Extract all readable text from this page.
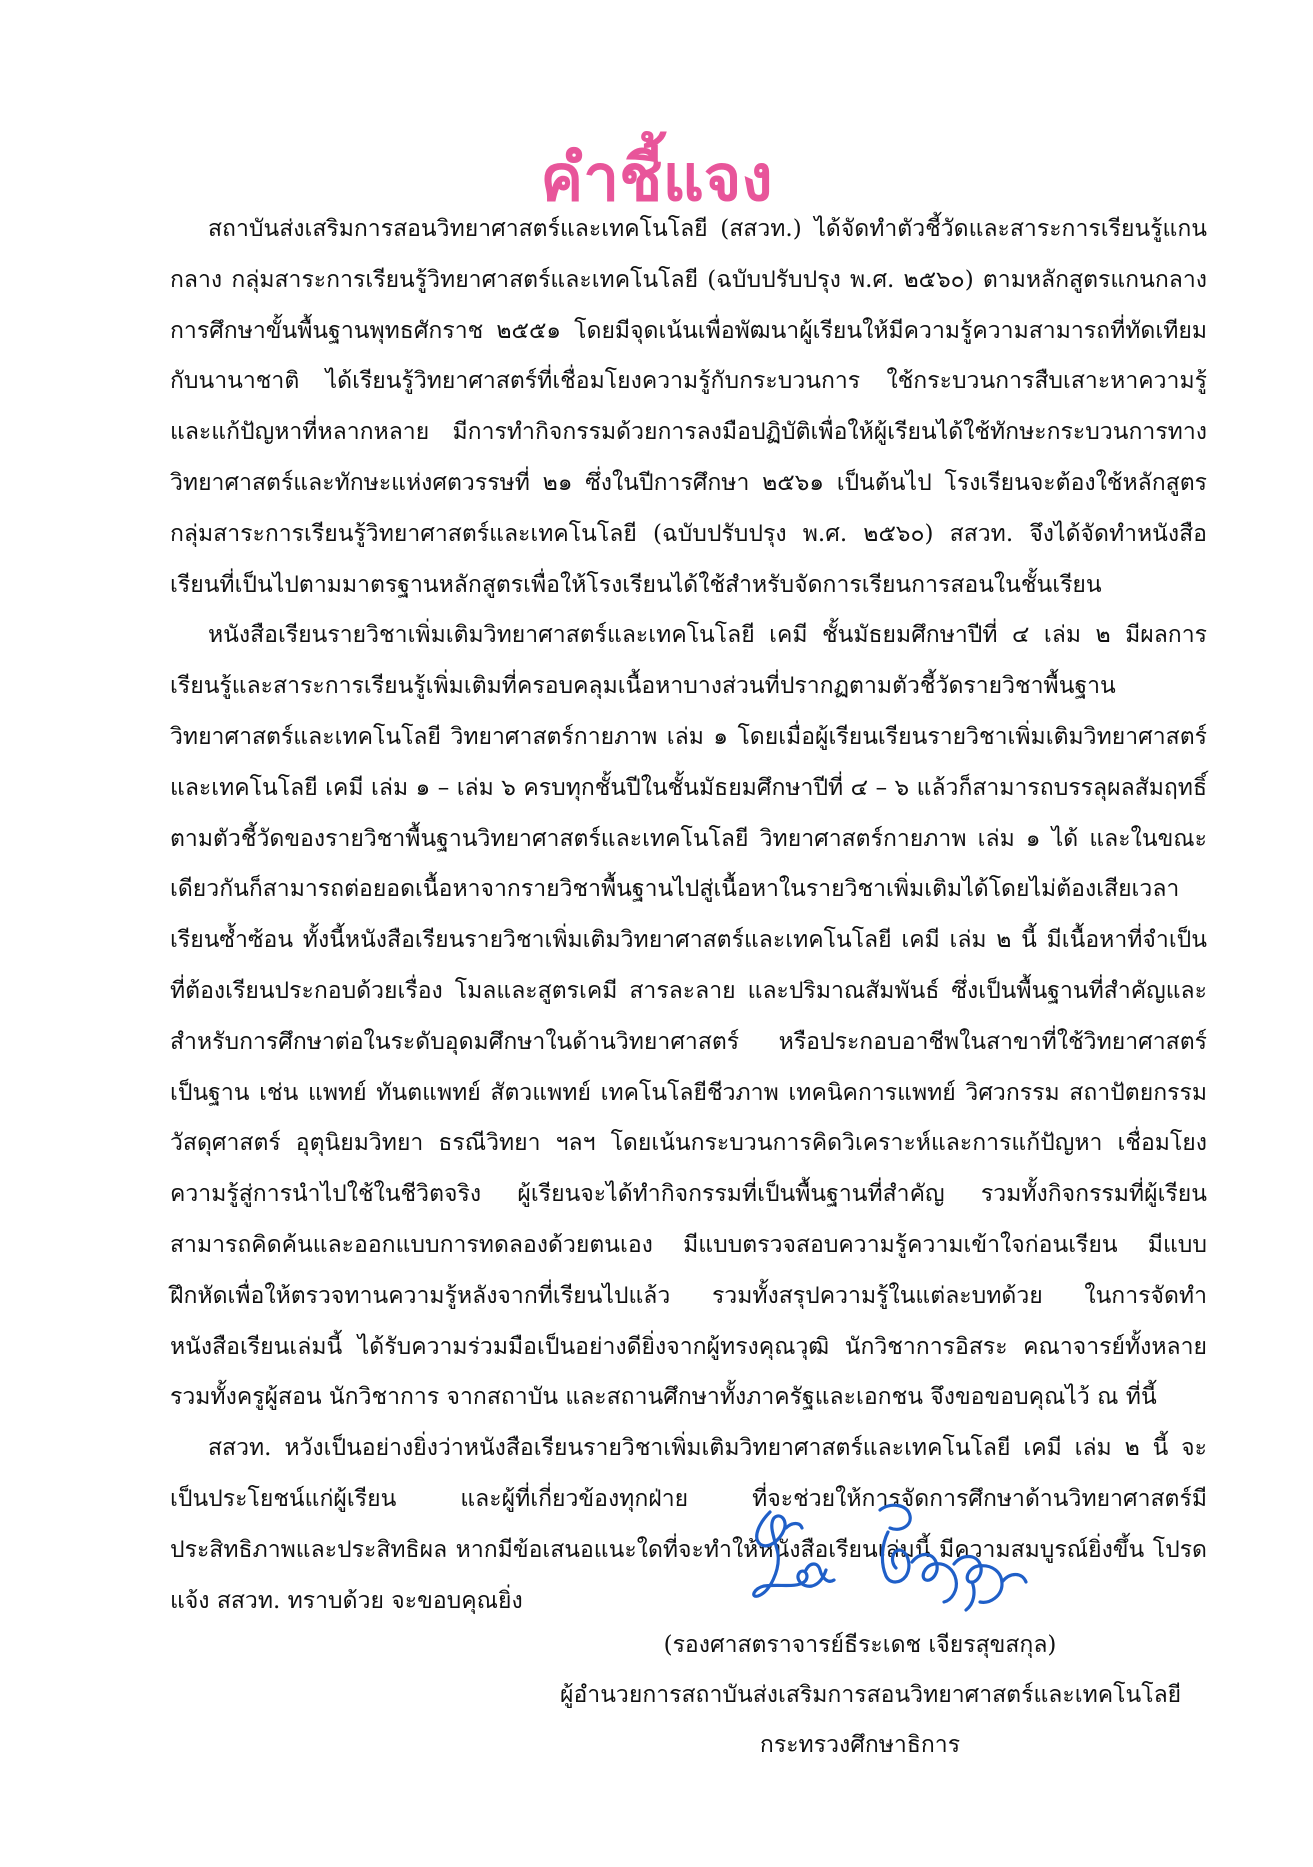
คำชี้แจง

สถาบันส่งเสริมการสอนวิทยาศาสตร์และเทคโนโลยี (สสวท.) ได้จัดทำตัวชี้วัดและสาระการเรียนรู้แกนกลาง กลุ่มสาระการเรียนรู้วิทยาศาสตร์และเทคโนโลยี (ฉบับปรับปรุง พ.ศ. ๒๕๖๐) ตามหลักสูตรแกนกลางการศึกษาขั้นพื้นฐานพุทธศักราช ๒๕๕๑ โดยมีจุดเน้นเพื่อพัฒนาผู้เรียนให้มีความรู้ความสามารถที่ทัดเทียมกับนานาชาติ ได้เรียนรู้วิทยาศาสตร์ที่เชื่อมโยงความรู้กับกระบวนการ ใช้กระบวนการสืบเสาะหาความรู้และแก้ปัญหาที่หลากหลาย มีการทำกิจกรรมด้วยการลงมือปฏิบัติเพื่อให้ผู้เรียนได้ใช้ทักษะกระบวนการทางวิทยาศาสตร์และทักษะแห่งศตวรรษที่ ๒๑ ซึ่งในปีการศึกษา ๒๕๖๑ เป็นต้นไป โรงเรียนจะต้องใช้หลักสูตรกลุ่มสาระการเรียนรู้วิทยาศาสตร์และเทคโนโลยี (ฉบับปรับปรุง พ.ศ. ๒๕๖๐) สสวท. จึงได้จัดทำหนังสือเรียนที่เป็นไปตามมาตรฐานหลักสูตรเพื่อให้โรงเรียนได้ใช้สำหรับจัดการเรียนการสอนในชั้นเรียน

หนังสือเรียนรายวิชาเพิ่มเติมวิทยาศาสตร์และเทคโนโลยี เคมี ชั้นมัธยมศึกษาปีที่ ๔ เล่ม ๒ มีผลการเรียนรู้และสาระการเรียนรู้เพิ่มเติมที่ครอบคลุมเนื้อหาบางส่วนที่ปรากฏตามตัวชี้วัดรายวิชาพื้นฐานวิทยาศาสตร์และเทคโนโลยี วิทยาศาสตร์กายภาพ เล่ม ๑ โดยเมื่อผู้เรียนเรียนรายวิชาเพิ่มเติมวิทยาศาสตร์และเทคโนโลยี เคมี เล่ม ๑ – เล่ม ๖ ครบทุกชั้นปีในชั้นมัธยมศึกษาปีที่ ๔ – ๖ แล้วก็สามารถบรรลุผลสัมฤทธิ์ตามตัวชี้วัดของรายวิชาพื้นฐานวิทยาศาสตร์และเทคโนโลยี วิทยาศาสตร์กายภาพ เล่ม ๑ ได้ และในขณะเดียวกันก็สามารถต่อยอดเนื้อหาจากรายวิชาพื้นฐานไปสู่เนื้อหาในรายวิชาเพิ่มเติมได้โดยไม่ต้องเสียเวลาเรียนซ้ำซ้อน ทั้งนี้หนังสือเรียนรายวิชาเพิ่มเติมวิทยาศาสตร์และเทคโนโลยี เคมี เล่ม ๒ นี้ มีเนื้อหาที่จำเป็นที่ต้องเรียนประกอบด้วยเรื่อง โมลและสูตรเคมี สารละลาย และปริมาณสัมพันธ์ ซึ่งเป็นพื้นฐานที่สำคัญและสำหรับการศึกษาต่อในระดับอุดมศึกษาในด้านวิทยาศาสตร์ หรือประกอบอาชีพในสาขาที่ใช้วิทยาศาสตร์เป็นฐาน เช่น แพทย์ ทันตแพทย์ สัตวแพทย์ เทคโนโลยีชีวภาพ เทคนิคการแพทย์ วิศวกรรม สถาปัตยกรรม วัสดุศาสตร์ อุตุนิยมวิทยา ธรณีวิทยา ฯลฯ โดยเน้นกระบวนการคิดวิเคราะห์และการแก้ปัญหา เชื่อมโยงความรู้สู่การนำไปใช้ในชีวิตจริง ผู้เรียนจะได้ทำกิจกรรมที่เป็นพื้นฐานที่สำคัญ รวมทั้งกิจกรรมที่ผู้เรียนสามารถคิดค้นและออกแบบการทดลองด้วยตนเอง มีแบบตรวจสอบความรู้ความเข้าใจก่อนเรียน มีแบบฝึกหัดเพื่อให้ตรวจทานความรู้หลังจากที่เรียนไปแล้ว รวมทั้งสรุปความรู้ในแต่ละบทด้วย ในการจัดทำหนังสือเรียนเล่มนี้ ได้รับความร่วมมือเป็นอย่างดียิ่งจากผู้ทรงคุณวุฒิ นักวิชาการอิสระ คณาจารย์ทั้งหลาย รวมทั้งครูผู้สอน นักวิชาการ จากสถาบัน และสถานศึกษาทั้งภาครัฐและเอกชน จึงขอขอบคุณไว้ ณ ที่นี้

สสวท. หวังเป็นอย่างยิ่งว่าหนังสือเรียนรายวิชาเพิ่มเติมวิทยาศาสตร์และเทคโนโลยี เคมี เล่ม ๒ นี้ จะเป็นประโยชน์แก่ผู้เรียน และผู้ที่เกี่ยวข้องทุกฝ่าย ที่จะช่วยให้การจัดการศึกษาด้านวิทยาศาสตร์มีประสิทธิภาพและประสิทธิผล หากมีข้อเสนอแนะใดที่จะทำให้หนังสือเรียนเล่มนี้ มีความสมบูรณ์ยิ่งขึ้น โปรดแจ้ง สสวท. ทราบด้วย จะขอบคุณยิ่ง

(รองศาสตราจารย์ธีระเดช เจียรสุขสกุล)
ผู้อำนวยการสถาบันส่งเสริมการสอนวิทยาศาสตร์และเทคโนโลยี
กระทรวงศึกษาธิการ
